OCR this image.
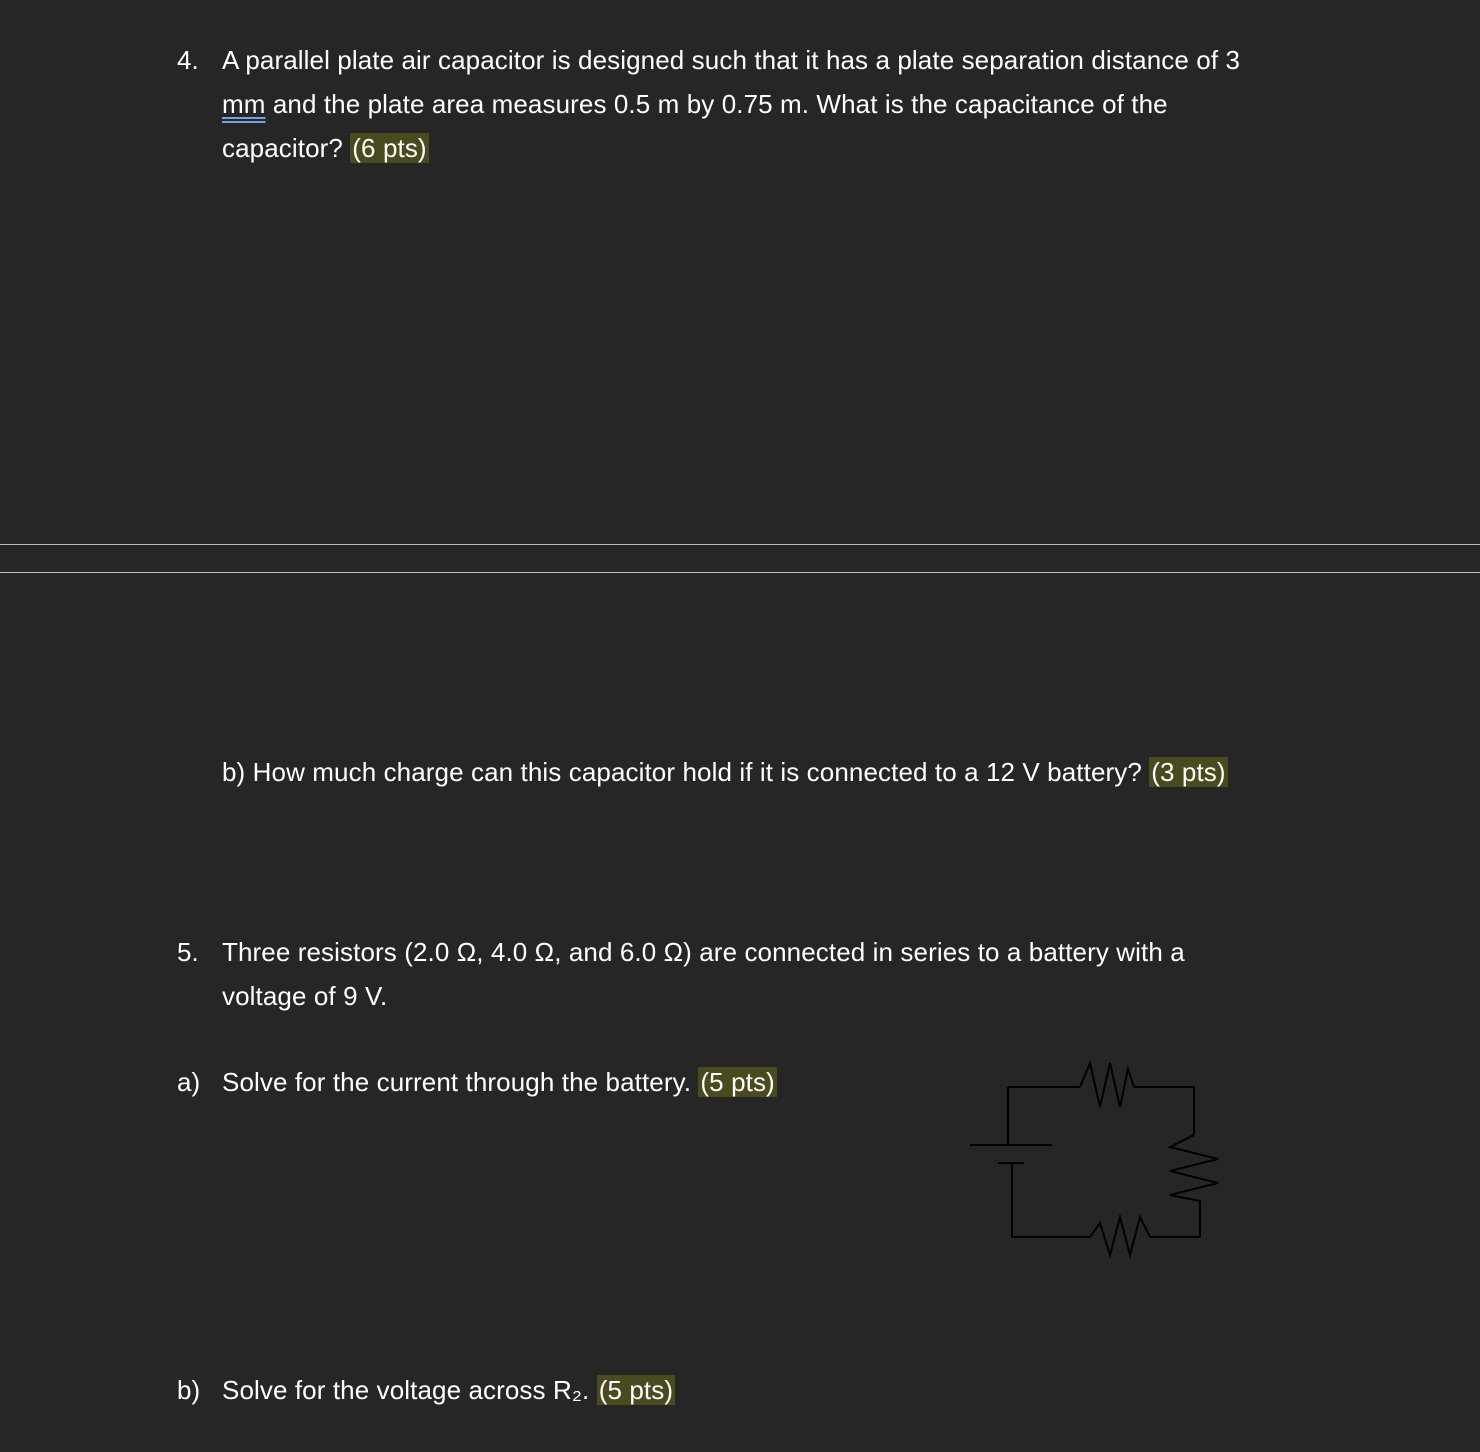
4. A parallel plate air capacitor is designed such that it has a plate separation distance of 3
mm and the plate area measures 0.5 m by 0.75 m. What is the capacitance of the
capacitor? (6 pts)
b) How much charge can this capacitor hold if it is connected to a 12 V battery? (3 pts)
5. Three resistors (2.0 Ω, 4.0 Ω, and 6.0 Ω) are connected in series to a battery with a
voltage of 9 V.
a) Solve for the current through the battery. (5 pts)
b) Solve for the voltage across R₂. (5 pts)
